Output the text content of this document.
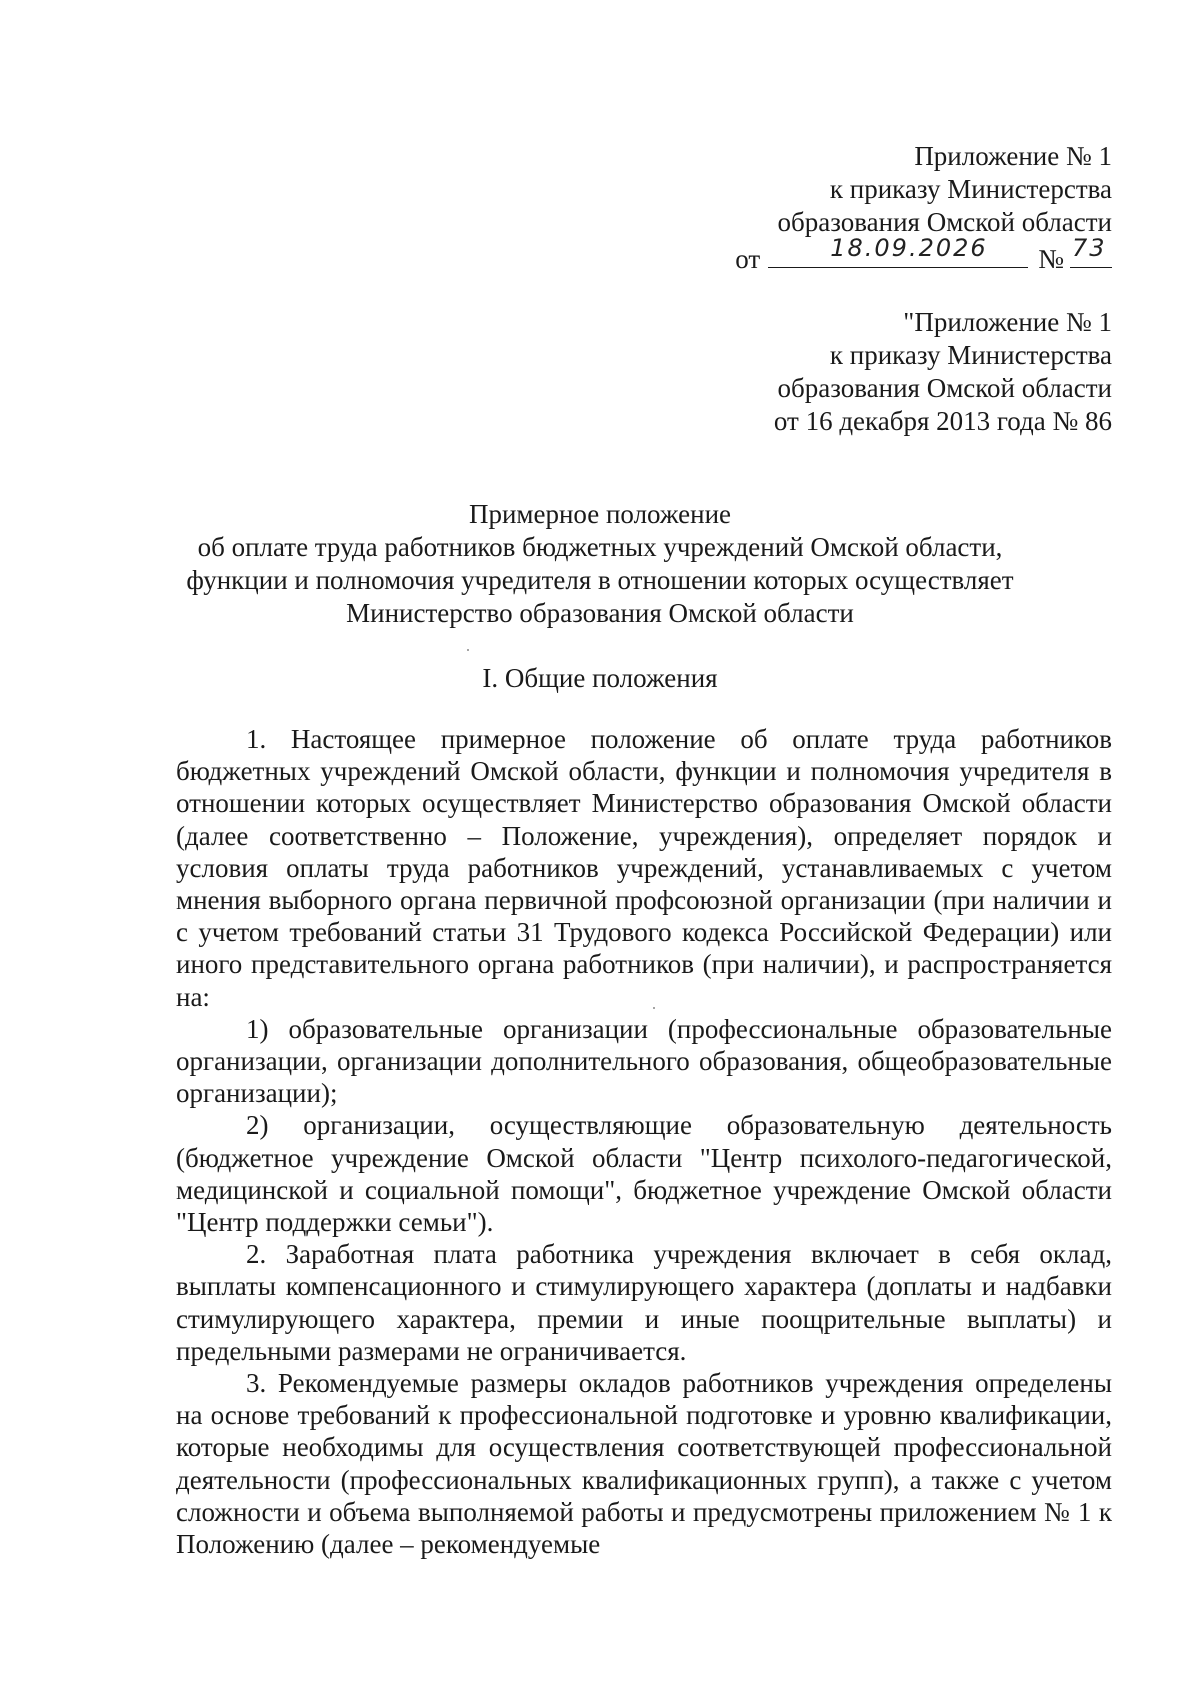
Приложение № 1
к приказу Министерства
образования Омской области
от	18.09.2026 № 73
"Приложение № 1
к приказу Министерства
образования Омской области
от 16 декабря 2013 года № 86
Примерное положение
об оплате труда работников бюджетных учреждений Омской области,
функции и полномочия учредителя в отношении которых осуществляет
Министерство образования Омской области
I. Общие положения

1. Настоящее примерное положение об оплате труда работников бюджетных учреждений Омской области, функции и полномочия учредителя в отношении которых осуществляет Министерство образования Омской области (далее соответственно – Положение, учреждения), определяет порядок и условия оплаты труда работников учреждений, устанавливаемых с учетом мнения выборного органа первичной профсоюзной организации (при наличии и с учетом требований статьи 31 Трудового кодекса Российской Федерации) или иного представительного органа работников (при наличии), и распространяется на:

1) образовательные организации (профессиональные образовательные организации, организации дополнительного образования, общеобразовательные организации);

2) организации, осуществляющие образовательную деятельность (бюджетное учреждение Омской области "Центр психолого-педагогической, медицинской и социальной помощи", бюджетное учреждение Омской области "Центр поддержки семьи").

2. Заработная плата работника учреждения включает в себя оклад, выплаты компенсационного и стимулирующего характера (доплаты и надбавки стимулирующего характера, премии и иные поощрительные выплаты) и предельными размерами не ограничивается.

3. Рекомендуемые размеры окладов работников учреждения определены на основе требований к профессиональной подготовке и уровню квалификации, которые необходимы для осуществления соответствующей профессиональной деятельности (профессиональных квалификационных групп), а также с учетом сложности и объема выполняемой работы и предусмотрены приложением № 1 к Положению (далее – рекомендуемые
